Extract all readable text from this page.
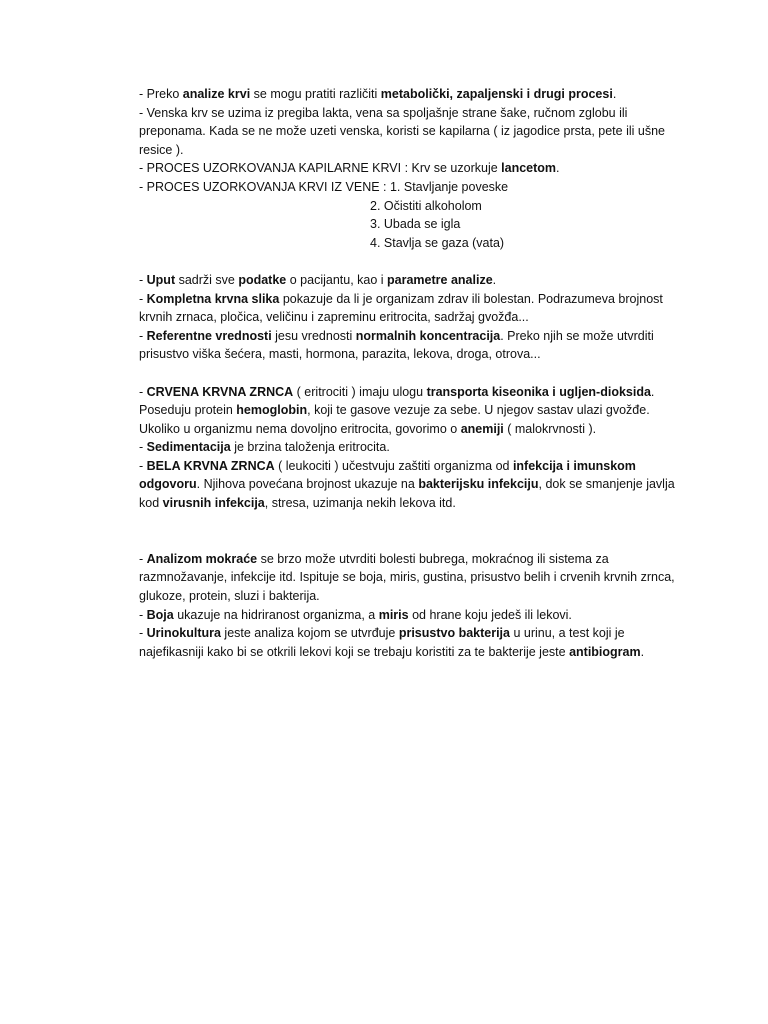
- Preko analize krvi se mogu pratiti različiti metabolički, zapaljenski i drugi procesi.

- Venska krv se uzima iz pregiba lakta, vena sa spoljašnje strane šake, ručnom zglobu ili preponama. Kada se ne može uzeti venska, koristi se kapilarna ( iz jagodice prsta, pete ili ušne resice ).

- PROCES UZORKOVANJA KAPILARNE KRVI : Krv se uzorkuje lancetom.

- PROCES UZORKOVANJA KRVI IZ VENE : 1. Stavljanje poveske

2. Očistiti alkoholom

3. Ubada se igla

4. Stavlja se gaza (vata)

- Uput sadrži sve podatke o pacijantu, kao i parametre analize.

- Kompletna krvna slika pokazuje da li je organizam zdrav ili bolestan. Podrazumeva brojnost krvnih zrnaca, pločica, veličinu i zapreminu eritrocita, sadržaj gvožđa...

- Referentne vrednosti jesu vrednosti normalnih koncentracija. Preko njih se može utvrditi prisustvo viška šećera, masti, hormona, parazita, lekova, droga, otrova...

- CRVENA KRVNA ZRNCA ( eritrociti ) imaju ulogu transporta kiseonika i ugljen-dioksida. Poseduju protein hemoglobin, koji te gasove vezuje za sebe. U njegov sastav ulazi gvožđe. Ukoliko u organizmu nema dovoljno eritrocita, govorimo o anemiji ( malokrvnosti ).

- Sedimentacija je brzina taloženja eritrocita.

- BELA KRVNA ZRNCA ( leukociti ) učestvuju zaštiti organizma od infekcija i imunskom odgovoru. Njihova povećana brojnost ukazuje na bakterijsku infekciju, dok se smanjenje javlja kod virusnih infekcija, stresa, uzimanja nekih lekova itd.

- Analizom mokraće se brzo može utvrditi bolesti bubrega, mokraćnog ili sistema za razmnožavanje, infekcije itd. Ispituje se boja, miris, gustina, prisustvo belih i crvenih krvnih zrnca, glukoze, protein, sluzi i bakterija.

- Boja ukazuje na hidriranost organizma, a miris od hrane koju jedeš ili lekovi.

- Urinokultura jeste analiza kojom se utvrđuje prisustvo bakterija u urinu, a test koji je najefikasniji kako bi se otkrili lekovi koji se trebaju koristiti za te bakterije jeste antibiogram.
